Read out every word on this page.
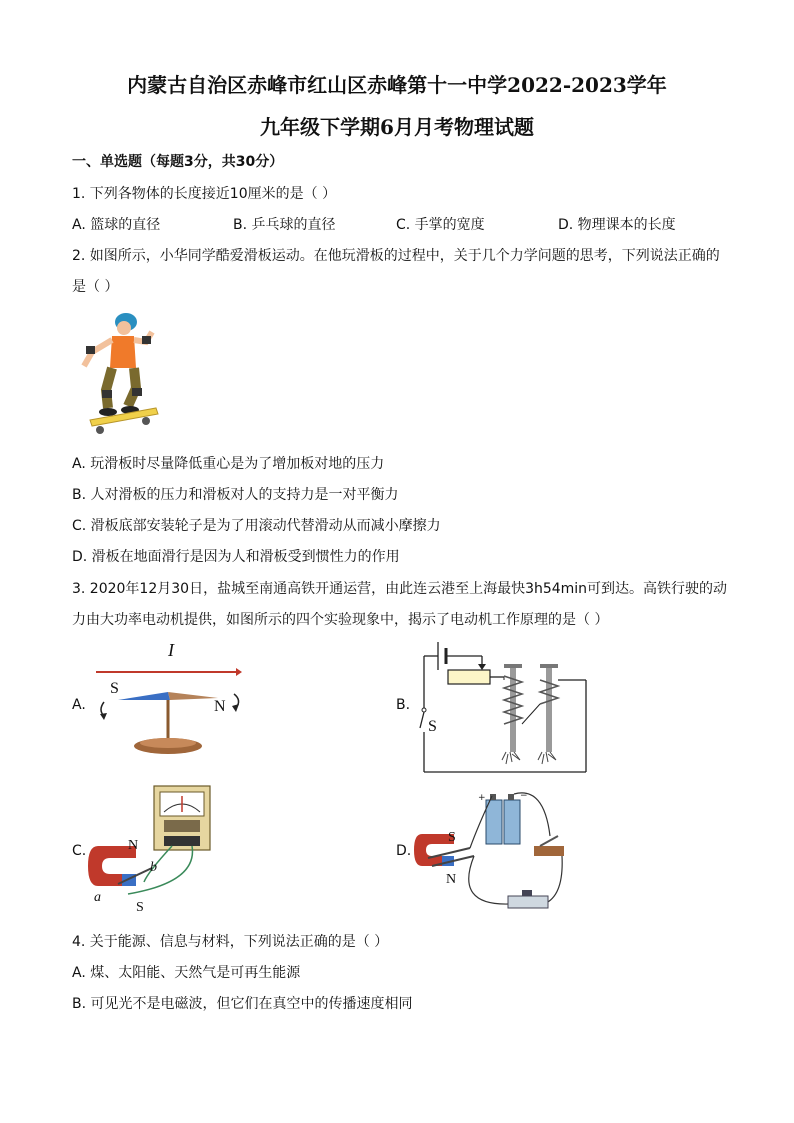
内蒙古自治区赤峰市红山区赤峰第十一中学2022-2023学年
九年级下学期6月月考物理试题
一、单选题（每题3分，共30分）
1. 下列各物体的长度接近10厘米的是（ ）
A. 篮球的直径	B. 乒乓球的直径	C. 手掌的宽度	D. 物理课本的长度
2. 如图所示，小华同学酷爱滑板运动。在他玩滑板的过程中，关于几个力学问题的思考，下列说法正确的
是（ ）
A. 玩滑板时尽量降低重心是为了增加板对地的压力
B. 人对滑板的压力和滑板对人的支持力是一对平衡力
C. 滑板底部安装轮子是为了用滚动代替滑动从而减小摩擦力
D. 滑板在地面滑行是因为人和滑板受到惯性力的作用
3. 2020年12月30日，盐城至南通高铁开通运营，由此连云港至上海最快3h54min可到达。高铁行驶的动
力由大功率电动机提供，如图所示的四个实验现象中，揭示了电动机工作原理的是（ ）
A.
I
S
N	B.
S
C.	N
S
a
b
D.
+	−
S
N
4. 关于能源、信息与材料，下列说法正确的是（ ）
A. 煤、太阳能、天然气是可再生能源
B. 可见光不是电磁波，但它们在真空中的传播速度相同
